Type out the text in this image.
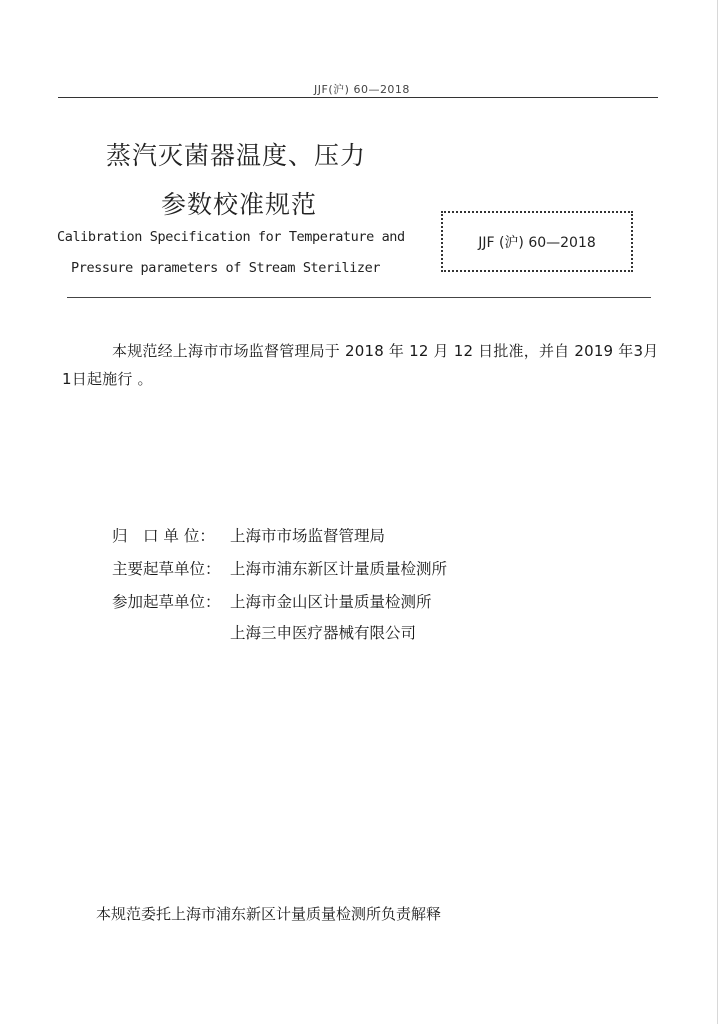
JJF(沪) 60—2018
蒸汽灭菌器温度、压力
参数校准规范
Calibration Specification for Temperature and
Pressure parameters of Stream Sterilizer
JJF (沪) 60—2018
本规范经上海市市场监督管理局于 2018 年 12 月 12 日批准，并自 2019 年3月1日起施行 。
归　口 单 位： 上海市市场监督管理局
主要起草单位： 上海市浦东新区计量质量检测所
参加起草单位： 上海市金山区计量质量检测所
上海三申医疗器械有限公司
本规范委托上海市浦东新区计量质量检测所负责解释
